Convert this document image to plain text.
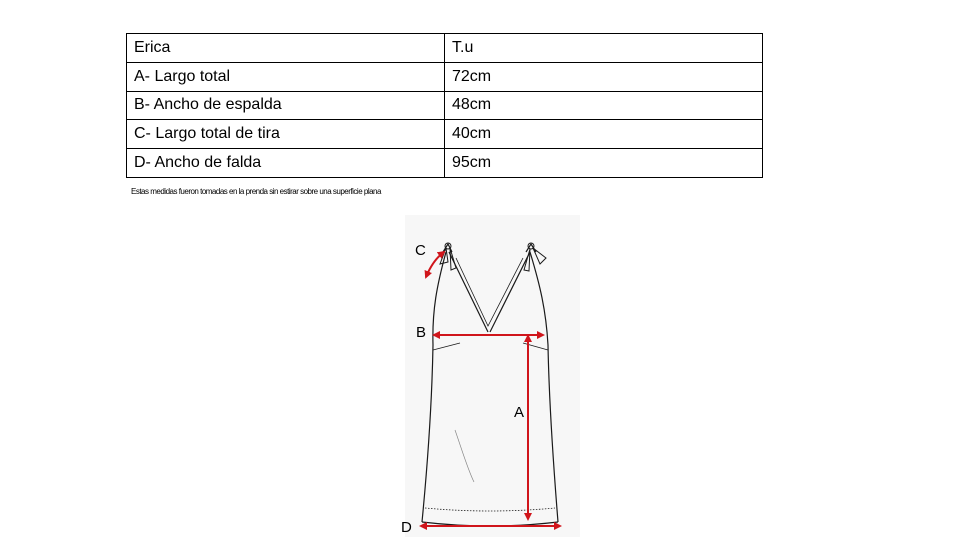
Erica	T.u
A- Largo total	72cm
B- Ancho de espalda	48cm
C- Largo total de tira	40cm
D- Ancho de falda	95cm
Estas medidas fueron tomadas en la prenda sin estirar sobre una superficie plana
C
B
A
D
